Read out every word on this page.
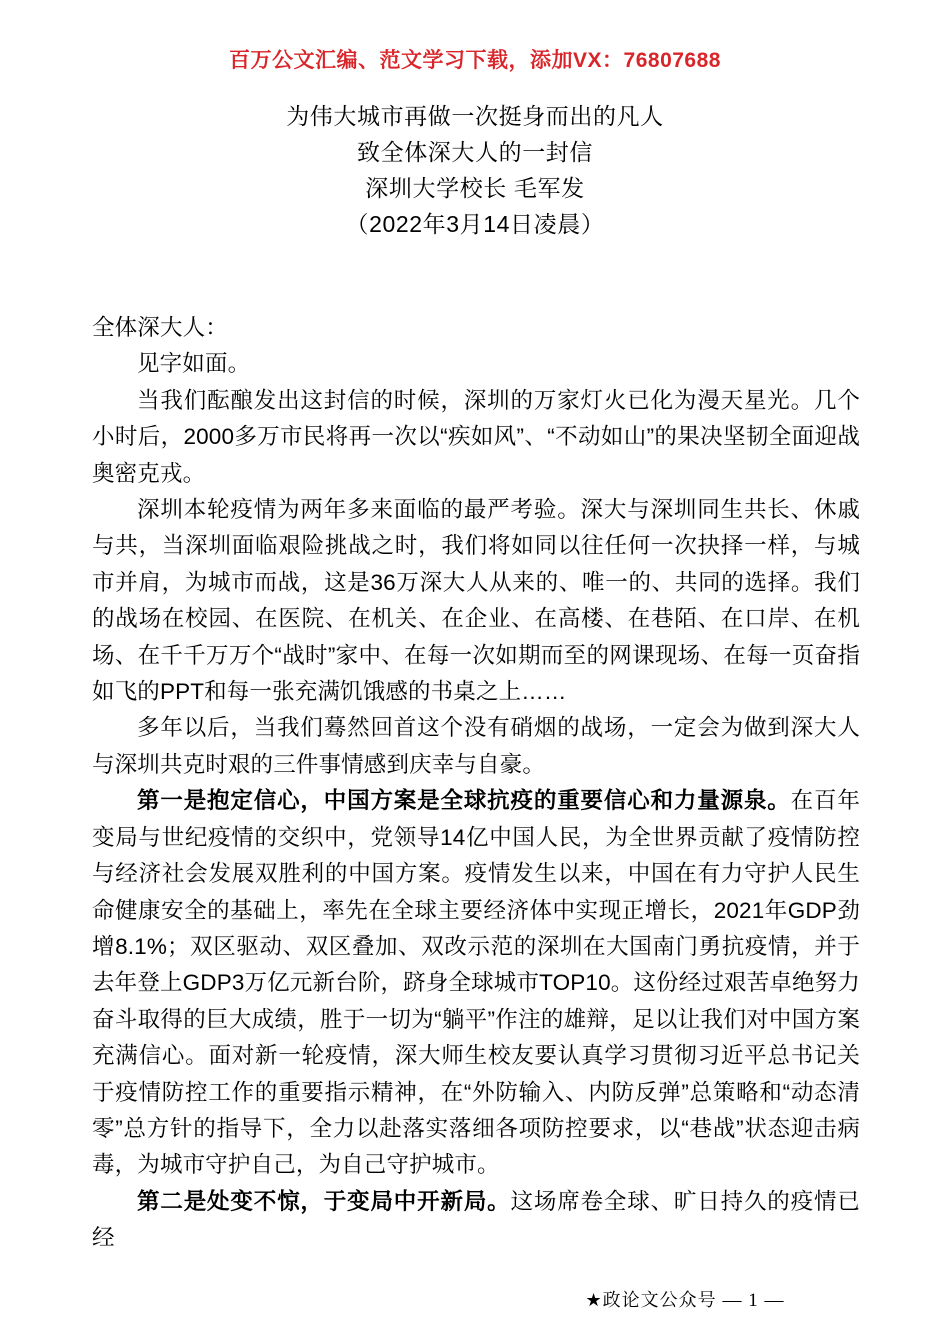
百万公文汇编、范文学习下载，添加VX：76807688
为伟大城市再做一次挺身而出的凡人
致全体深大人的一封信
深圳大学校长 毛军发
（2022年3月14日凌晨）

全体深大人：

见字如面。

当我们酝酿发出这封信的时候，深圳的万家灯火已化为漫天星光。几个小时后，2000多万市民将再一次以“疾如风”、“不动如山”的果决坚韧全面迎战奥密克戎。

深圳本轮疫情为两年多来面临的最严考验。深大与深圳同生共长、休戚与共，当深圳面临艰险挑战之时，我们将如同以往任何一次抉择一样，与城市并肩，为城市而战，这是36万深大人从来的、唯一的、共同的选择。我们的战场在校园、在医院、在机关、在企业、在高楼、在巷陌、在口岸、在机场、在千千万万个“战时”家中、在每一次如期而至的网课现场、在每一页奋指如飞的PPT和每一张充满饥饿感的书桌之上……

多年以后，当我们蓦然回首这个没有硝烟的战场，一定会为做到深大人与深圳共克时艰的三件事情感到庆幸与自豪。

第一是抱定信心，中国方案是全球抗疫的重要信心和力量源泉。在百年变局与世纪疫情的交织中，党领导14亿中国人民，为全世界贡献了疫情防控与经济社会发展双胜利的中国方案。疫情发生以来，中国在有力守护人民生命健康安全的基础上，率先在全球主要经济体中实现正增长，2021年GDP劲增8.1%；双区驱动、双区叠加、双改示范的深圳在大国南门勇抗疫情，并于去年登上GDP3万亿元新台阶，跻身全球城市TOP10。这份经过艰苦卓绝努力奋斗取得的巨大成绩，胜于一切为“躺平”作注的雄辩，足以让我们对中国方案充满信心。面对新一轮疫情，深大师生校友要认真学习贯彻习近平总书记关于疫情防控工作的重要指示精神，在“外防输入、内防反弹”总策略和“动态清零”总方针的指导下，全力以赴落实落细各项防控要求，以“巷战”状态迎击病毒，为城市守护自己，为自己守护城市。

第二是处变不惊，于变局中开新局。这场席卷全球、旷日持久的疫情已经

★政论文公众号 — 1 —
